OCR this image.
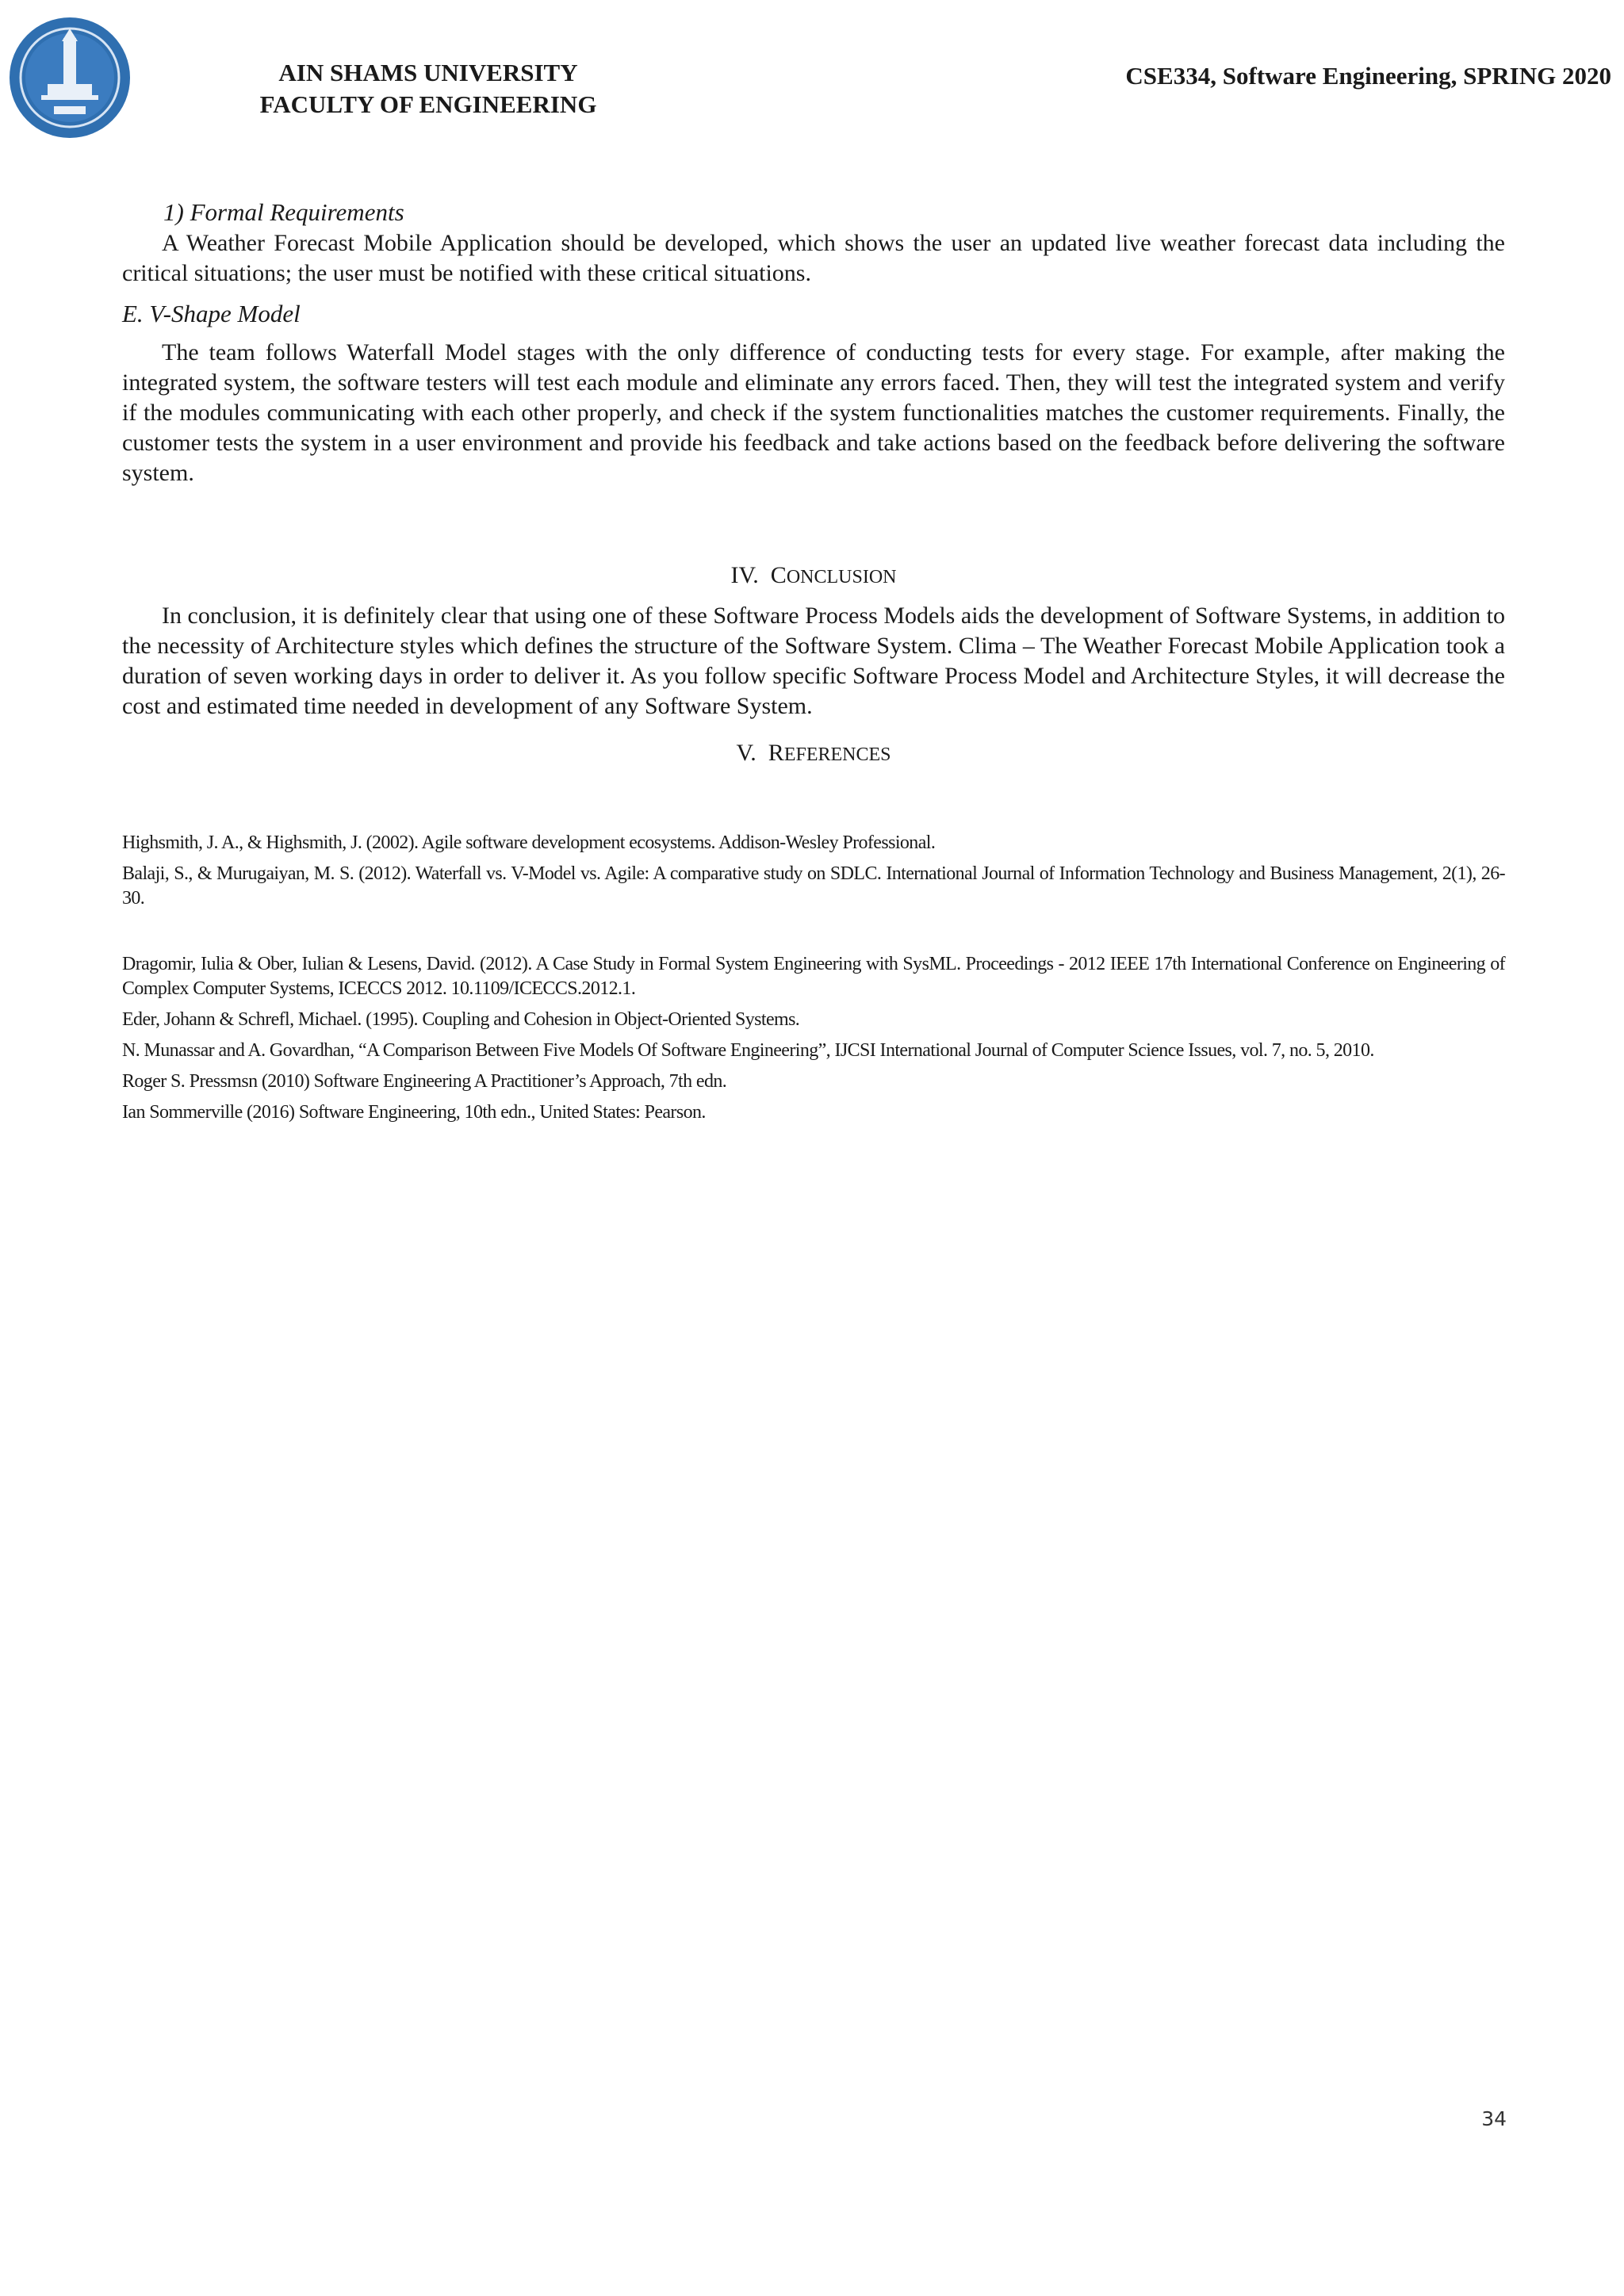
AIN SHAMS UNIVERSITY
FACULTY OF ENGINEERING
CSE334, Software Engineering, SPRING 2020

1) Formal Requirements

A Weather Forecast Mobile Application should be developed, which shows the user an updated live weather forecast data including the critical situations; the user must be notified with these critical situations.

E. V-Shape Model

The team follows Waterfall Model stages with the only difference of conducting tests for every stage. For example, after making the integrated system, the software testers will test each module and eliminate any errors faced. Then, they will test the integrated system and verify if the modules communicating with each other properly, and check if the system functionalities matches the customer requirements. Finally, the customer tests the system in a user environment and provide his feedback and take actions based on the feedback before delivering the software system.

IV. CONCLUSION

In conclusion, it is definitely clear that using one of these Software Process Models aids the development of Software Systems, in addition to the necessity of Architecture styles which defines the structure of the Software System. Clima – The Weather Forecast Mobile Application took a duration of seven working days in order to deliver it. As you follow specific Software Process Model and Architecture Styles, it will decrease the cost and estimated time needed in development of any Software System.

V. REFERENCES

Highsmith, J. A., & Highsmith, J. (2002). Agile software development ecosystems. Addison-Wesley Professional.
Balaji, S., & Murugaiyan, M. S. (2012). Waterfall vs. V-Model vs. Agile: A comparative study on SDLC. International Journal of Information Technology and Business Management, 2(1), 26-30.
Dragomir, Iulia & Ober, Iulian & Lesens, David. (2012). A Case Study in Formal System Engineering with SysML. Proceedings - 2012 IEEE 17th International Conference on Engineering of Complex Computer Systems, ICECCS 2012. 10.1109/ICECCS.2012.1.
Eder, Johann & Schrefl, Michael. (1995). Coupling and Cohesion in Object-Oriented Systems.
N. Munassar and A. Govardhan, “A Comparison Between Five Models Of Software Engineering”, IJCSI International Journal of Computer Science Issues, vol. 7, no. 5, 2010.
Roger S. Pressmsn (2010) Software Engineering A Practitioner’s Approach, 7th edn.
Ian Sommerville (2016) Software Engineering, 10th edn., United States: Pearson.
34
